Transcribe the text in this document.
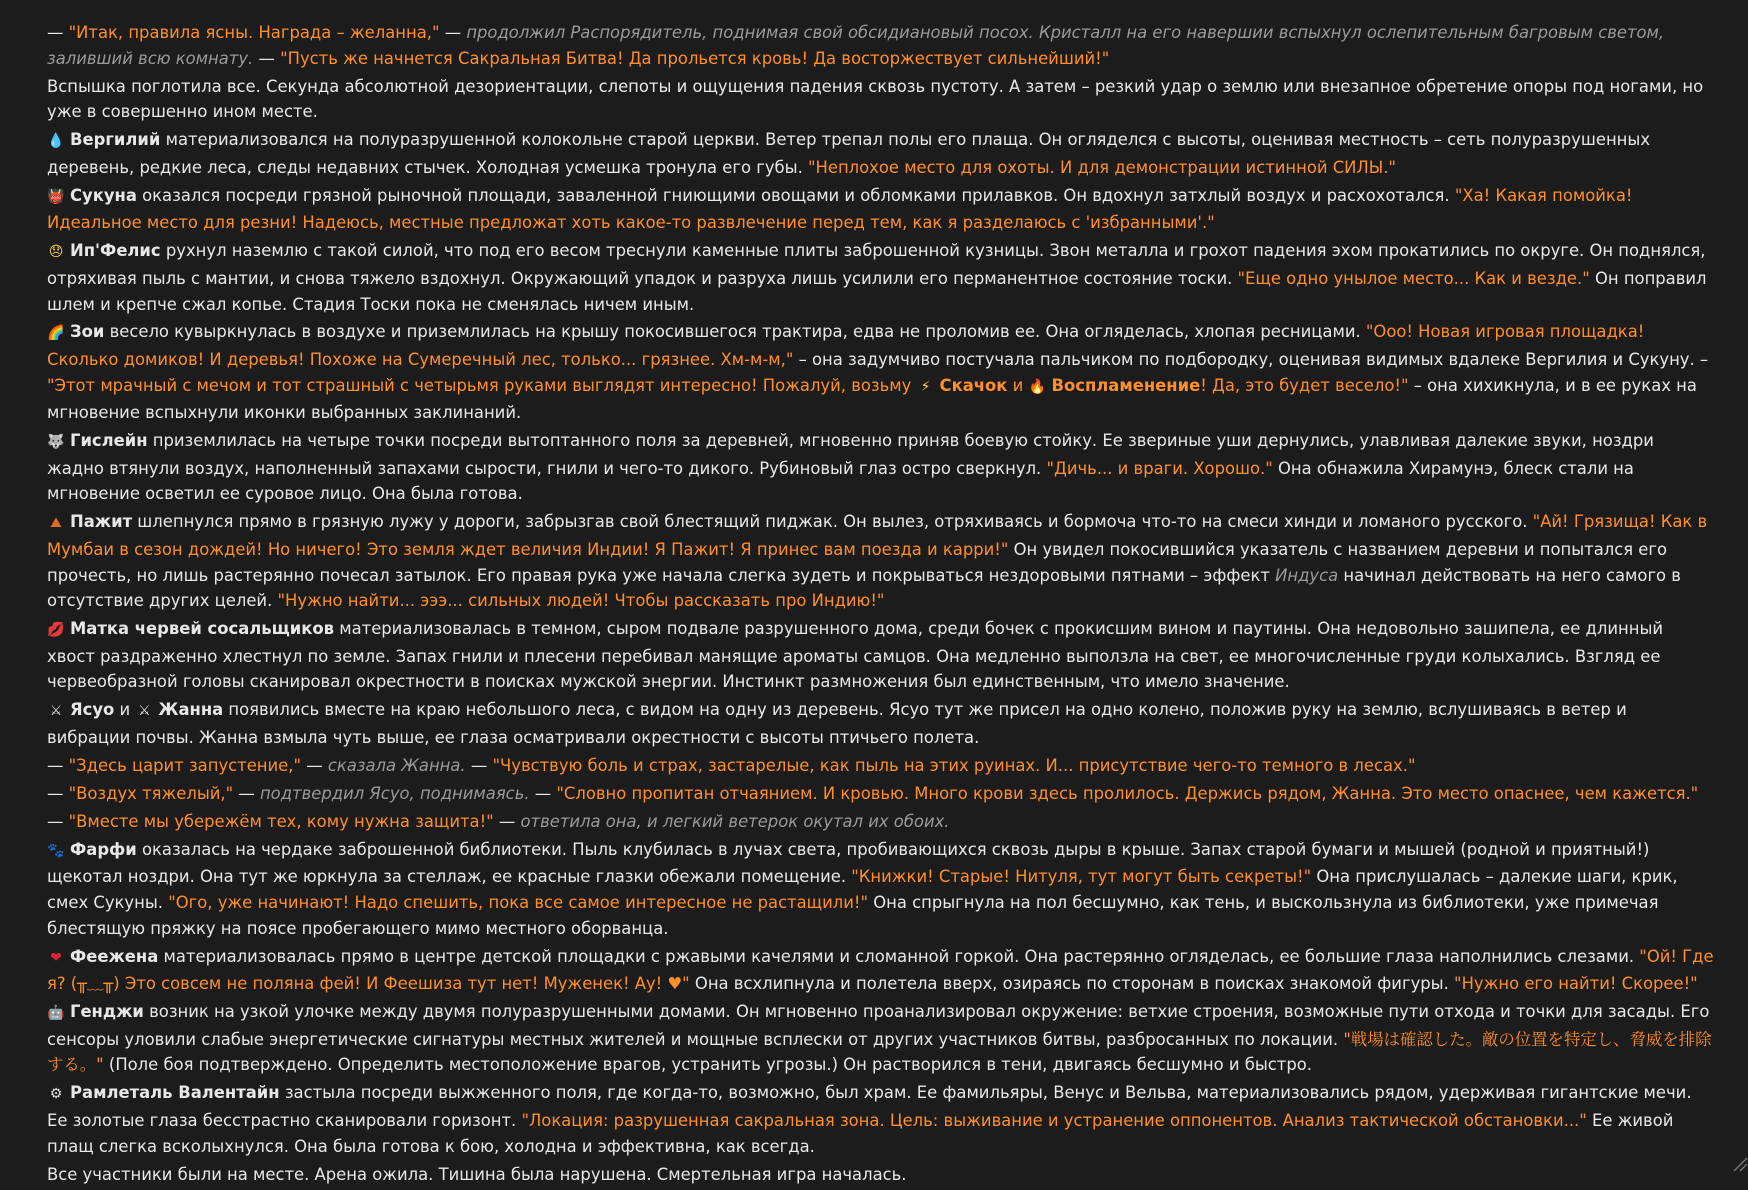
— "Итак, правила ясны. Награда – желанна," — продолжил Распорядитель, поднимая свой обсидиановый посох. Кристалл на его навершии вспыхнул ослепительным багровым светом, заливший всю комнату. — "Пусть же начнется Сакральная Битва! Да прольется кровь! Да восторжествует сильнейший!"
Вспышка поглотила все. Секунда абсолютной дезориентации, слепоты и ощущения падения сквозь пустоту. А затем – резкий удар о землю или внезапное обретение опоры под ногами, но уже в совершенно ином месте.
💧 Вергилий материализовался на полуразрушенной колокольне старой церкви. Ветер трепал полы его плаща. Он огляделся с высоты, оценивая местность – сеть полуразрушенных деревень, редкие леса, следы недавних стычек. Холодная усмешка тронула его губы. "Неплохое место для охоты. И для демонстрации истинной СИЛЫ."
👹 Сукуна оказался посреди грязной рыночной площади, заваленной гниющими овощами и обломками прилавков. Он вдохнул затхлый воздух и расхохотался. "Ха! Какая помойка! Идеальное место для резни! Надеюсь, местные предложат хоть какое-то развлечение перед тем, как я разделаюсь с 'избранными'."
😞 Ип'Фелис рухнул наземлю с такой силой, что под его весом треснули каменные плиты заброшенной кузницы. Звон металла и грохот падения эхом прокатились по округе. Он поднялся, отряхивая пыль с мантии, и снова тяжело вздохнул. Окружающий упадок и разруха лишь усилили его перманентное состояние тоски. "Еще одно унылое место... Как и везде." Он поправил шлем и крепче сжал копье. Стадия Тоски пока не сменялась ничем иным.
🌈 Зои весело кувыркнулась в воздухе и приземлилась на крышу покосившегося трактира, едва не проломив ее. Она огляделась, хлопая ресницами. "Ооо! Новая игровая площадка! Сколько домиков! И деревья! Похоже на Сумеречный лес, только... грязнее. Хм-м-м," – она задумчиво постучала пальчиком по подбородку, оценивая видимых вдалеке Вергилия и Сукуну. – "Этот мрачный с мечом и тот страшный с четырьмя руками выглядят интересно! Пожалуй, возьму ⚡ Скачок и 🔥 Воспламенение! Да, это будет весело!" – она хихикнула, и в ее руках на мгновение вспыхнули иконки выбранных заклинаний.
🐺 Гислейн приземлилась на четыре точки посреди вытоптанного поля за деревней, мгновенно приняв боевую стойку. Ее звериные уши дернулись, улавливая далекие звуки, ноздри жадно втянули воздух, наполненный запахами сырости, гнили и чего-то дикого. Рубиновый глаз остро сверкнул. "Дичь... и враги. Хорошо." Она обнажила Хирамунэ, блеск стали на мгновение осветил ее суровое лицо. Она была готова.
⛰ Пажит шлепнулся прямо в грязную лужу у дороги, забрызгав свой блестящий пиджак. Он вылез, отряхиваясь и бормоча что-то на смеси хинди и ломаного русского. "Ай! Грязища! Как в Мумбаи в сезон дождей! Но ничего! Это земля ждет величия Индии! Я Пажит! Я принес вам поезда и карри!" Он увидел покосившийся указатель с названием деревни и попытался его прочесть, но лишь растерянно почесал затылок. Его правая рука уже начала слегка зудеть и покрываться нездоровыми пятнами – эффект Индуса начинал действовать на него самого в отсутствие других целей. "Нужно найти... эээ... сильных людей! Чтобы рассказать про Индию!"
💋 Матка червей сосальщиков материализовалась в темном, сыром подвале разрушенного дома, среди бочек с прокисшим вином и паутины. Она недовольно зашипела, ее длинный хвост раздраженно хлестнул по земле. Запах гнили и плесени перебивал манящие ароматы самцов. Она медленно выползла на свет, ее многочисленные груди колыхались. Взгляд ее червеобразной головы сканировал окрестности в поисках мужской энергии. Инстинкт размножения был единственным, что имело значение.
⚔ Ясуо и ⚔ Жанна появились вместе на краю небольшого леса, с видом на одну из деревень. Ясуо тут же присел на одно колено, положив руку на землю, вслушиваясь в ветер и вибрации почвы. Жанна взмыла чуть выше, ее глаза осматривали окрестности с высоты птичьего полета.
— "Здесь царит запустение," — сказала Жанна. — "Чувствую боль и страх, застарелые, как пыль на этих руинах. И... присутствие чего-то темного в лесах."
— "Воздух тяжелый," — подтвердил Ясуо, поднимаясь. — "Словно пропитан отчаянием. И кровью. Много крови здесь пролилось. Держись рядом, Жанна. Это место опаснее, чем кажется."
— "Вместе мы убережём тех, кому нужна защита!" — ответила она, и легкий ветерок окутал их обоих.
🐾 Фарфи оказалась на чердаке заброшенной библиотеки. Пыль клубилась в лучах света, пробивающихся сквозь дыры в крыше. Запах старой бумаги и мышей (родной и приятный!) щекотал ноздри. Она тут же юркнула за стеллаж, ее красные глазки обежали помещение. "Книжки! Старые! Нитуля, тут могут быть секреты!" Она прислушалась – далекие шаги, крик, смех Сукуны. "Ого, уже начинают! Надо спешить, пока все самое интересное не растащили!" Она спрыгнула на пол бесшумно, как тень, и выскользнула из библиотеки, уже примечая блестящую пряжку на поясе пробегающего мимо местного оборванца.
❤ Феежена материализовалась прямо в центре детской площадки с ржавыми качелями и сломанной горкой. Она растерянно огляделась, ее большие глаза наполнились слезами. "Ой! Где я? (╥﹏╥) Это совсем не поляна фей! И Феешиза тут нет! Муженек! Ау! ♥" Она всхлипнула и полетела вверх, озираясь по сторонам в поисках знакомой фигуры. "Нужно его найти! Скорее!"
🤖 Генджи возник на узкой улочке между двумя полуразрушенными домами. Он мгновенно проанализировал окружение: ветхие строения, возможные пути отхода и точки для засады. Его сенсоры уловили слабые энергетические сигнатуры местных жителей и мощные всплески от других участников битвы, разбросанных по локации. "戦場は確認した。敵の位置を特定し、脅威を排除する。" (Поле боя подтверждено. Определить местоположение врагов, устранить угрозы.) Он растворился в тени, двигаясь бесшумно и быстро.
⚙ Рамлеталь Валентайн застыла посреди выжженного поля, где когда-то, возможно, был храм. Ее фамильяры, Венус и Вельва, материализовались рядом, удерживая гигантские мечи. Ее золотые глаза бесстрастно сканировали горизонт. "Локация: разрушенная сакральная зона. Цель: выживание и устранение оппонентов. Анализ тактической обстановки..." Ее живой плащ слегка всколыхнулся. Она была готова к бою, холодна и эффективна, как всегда.
Все участники были на месте. Арена ожила. Тишина была нарушена. Смертельная игра началась.
